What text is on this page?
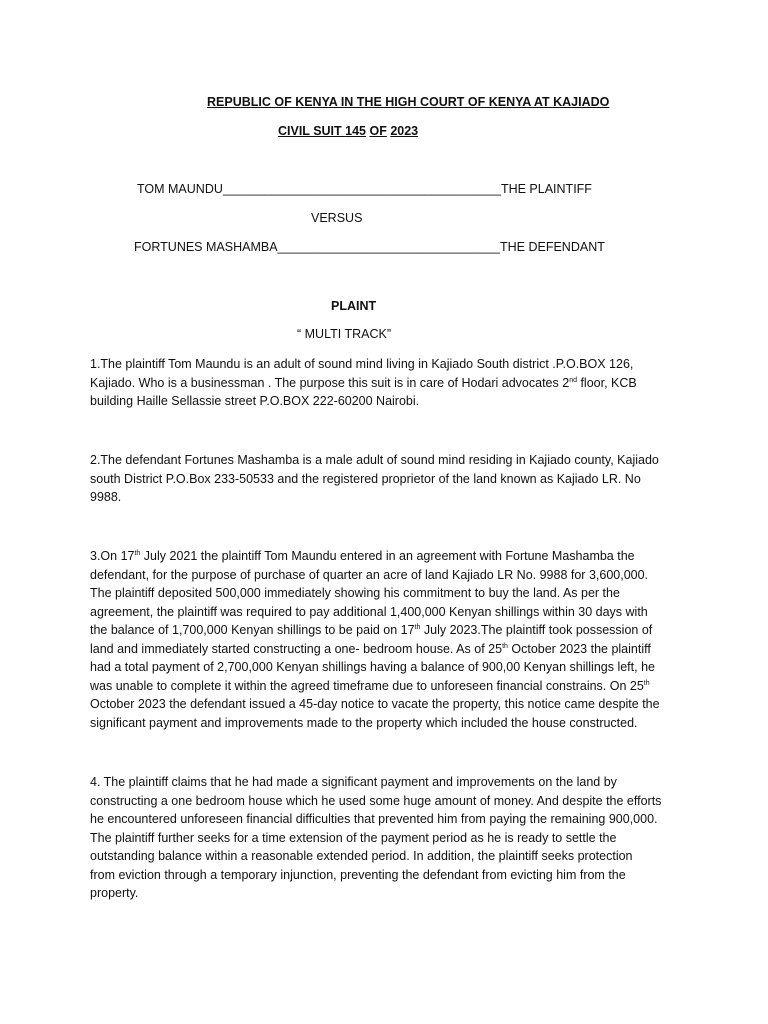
REPUBLIC OF KENYA IN THE HIGH COURT OF KENYA AT KAJIADO
CIVIL SUIT 145 OF 2023
TOM MAUNDU________________________________________THE PLAINTIFF
VERSUS
FORTUNES MASHAMBA________________________________THE DEFENDANT
PLAINT
“ MULTI TRACK”

1.The plaintiff Tom Maundu is an adult of sound mind living in Kajiado South district .P.O.BOX 126,

Kajiado. Who is a businessman . The purpose this suit is in care of Hodari advocates 2nd floor, KCB

building Haille Sellassie street P.O.BOX 222-60200 Nairobi.

2.The defendant Fortunes Mashamba is a male adult of sound mind residing in Kajiado county, Kajiado

south District P.O.Box 233-50533 and the registered proprietor of the land known as Kajiado LR. No

9988.

3.On 17th July 2021 the plaintiff Tom Maundu entered in an agreement with Fortune Mashamba the

defendant, for the purpose of purchase of quarter an acre of land Kajiado LR No. 9988 for 3,600,000.

The plaintiff deposited 500,000 immediately showing his commitment to buy the land. As per the

agreement, the plaintiff was required to pay additional 1,400,000 Kenyan shillings within 30 days with

the balance of 1,700,000 Kenyan shillings to be paid on 17th July 2023.The plaintiff took possession of

land and immediately started constructing a one- bedroom house. As of 25th October 2023 the plaintiff

had a total payment of 2,700,000 Kenyan shillings having a balance of 900,00 Kenyan shillings left, he

was unable to complete it within the agreed timeframe due to unforeseen financial constrains. On 25th

October 2023 the defendant issued a 45-day notice to vacate the property, this notice came despite the

significant payment and improvements made to the property which included the house constructed.

4. The plaintiff claims that he had made a significant payment and improvements on the land by

constructing a one bedroom house which he used some huge amount of money. And despite the efforts

he encountered unforeseen financial difficulties that prevented him from paying the remaining 900,000.

The plaintiff further seeks for a time extension of the payment period as he is ready to settle the

outstanding balance within a reasonable extended period. In addition, the plaintiff seeks protection

from eviction through a temporary injunction, preventing the defendant from evicting him from the

property.
